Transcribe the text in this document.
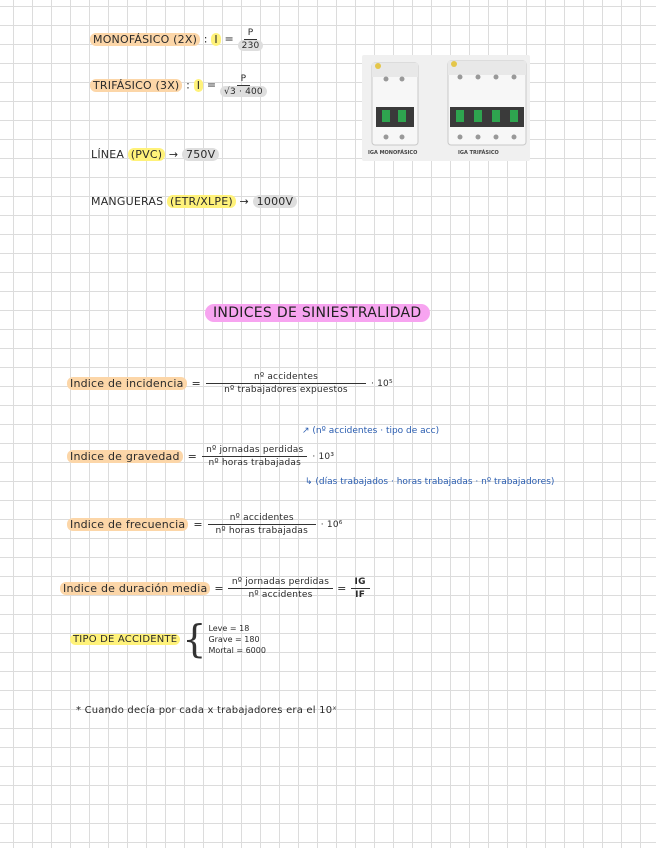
MONOFÁSICO (2X) : $I = \frac{P}{230}$
TRIFÁSICO (3X) : $I = \frac{P}{√3 \cdot 400}$
LÍNEA (PVC) → 750V
MANGUERAS (ETR/XLPE) → 1000V
IGA MONOFÁSICO	IGA TRIFÁSICO
INDICES DE SINIESTRALIDAD
Indice de incidencia = $\frac{\text{nº accidentes}}{\text{nº trabajadores expuestos}} \cdot 10^5$
↗ (nº accidentes · tipo de acc)
Indice de gravedad = $\frac{\text{nº jornadas perdidas}}{\text{nº horas trabajadas}} \cdot 10^3$
↳ (días trabajados · horas trabajadas · nº trabajadores)
Indice de frecuencia = $\frac{\text{nº accidentes}}{\text{nº horas trabajadas}} \cdot 10^6$
Indice de duración media = $\frac{\text{nº jornadas perdidas}}{\text{nº accidentes}} = \frac{IG}{IF}$
TIPO DE ACCIDENTE { Leve = 18
Grave = 180
Mortal = 6000
* Cuando decía por cada x trabajadores era el 10ˣ
